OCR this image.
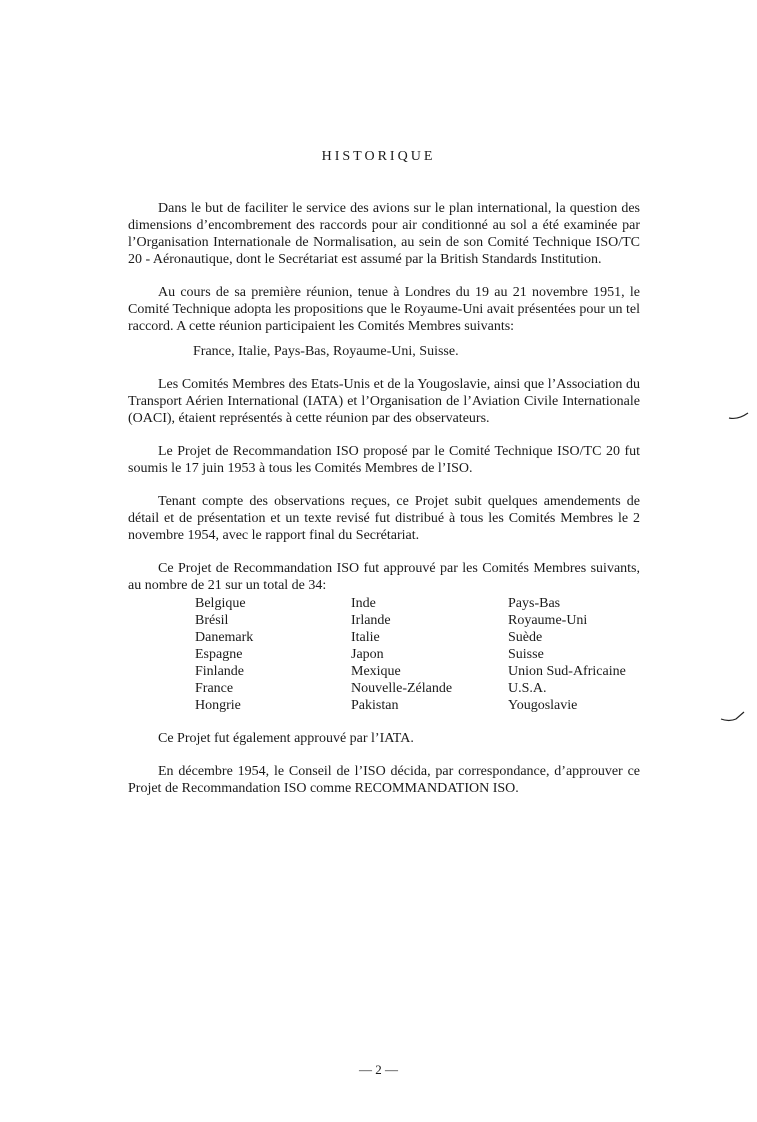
HISTORIQUE

Dans le but de faciliter le service des avions sur le plan international, la question des dimensions d’encombrement des raccords pour air conditionné au sol a été examinée par l’Organisation Internationale de Normalisation, au sein de son Comité Technique ISO/TC 20 - Aéronautique, dont le Secrétariat est assumé par la British Standards Institution.

Au cours de sa première réunion, tenue à Londres du 19 au 21 novembre 1951, le Comité Technique adopta les propositions que le Royaume-Uni avait présentées pour un tel raccord. A cette réunion participaient les Comités Membres suivants:

France, Italie, Pays-Bas, Royaume-Uni, Suisse.

Les Comités Membres des Etats-Unis et de la Yougoslavie, ainsi que l’Association du Transport Aérien International (IATA) et l’Organisation de l’Aviation Civile Internationale (OACI), étaient représentés à cette réunion par des observateurs.

Le Projet de Recommandation ISO proposé par le Comité Technique ISO/TC 20 fut soumis le 17 juin 1953 à tous les Comités Membres de l’ISO.

Tenant compte des observations reçues, ce Projet subit quelques amendements de détail et de présentation et un texte revisé fut distribué à tous les Comités Membres le 2 novembre 1954, avec le rapport final du Secrétariat.

Ce Projet de Recommandation ISO fut approuvé par les Comités Membres suivants, au nombre de 21 sur un total de 34:

Belgique	Inde	Pays-Bas
Brésil	Irlande	Royaume-Uni
Danemark	Italie	Suède
Espagne	Japon	Suisse
Finlande	Mexique	Union Sud-Africaine
France	Nouvelle-Zélande	U.S.A.
Hongrie	Pakistan	Yougoslavie

Ce Projet fut également approuvé par l’IATA.

En décembre 1954, le Conseil de l’ISO décida, par correspondance, d’approuver ce Projet de Recommandation ISO comme RECOMMANDATION ISO.

— 2 —
